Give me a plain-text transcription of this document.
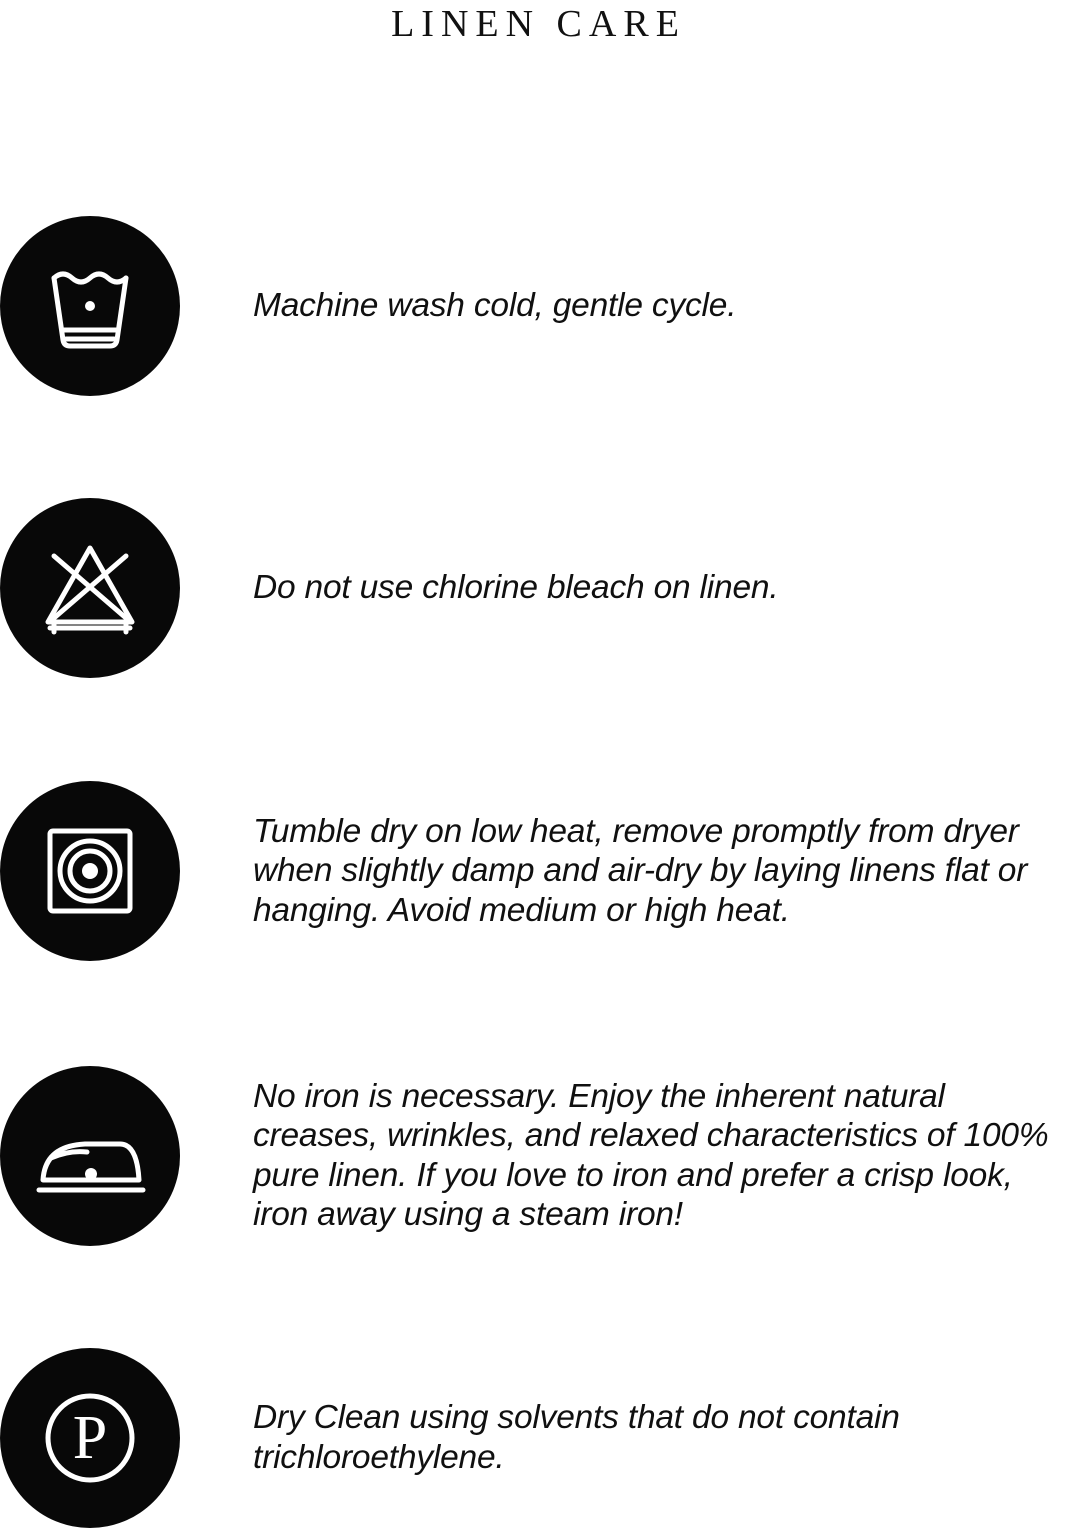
LINEN CARE
Machine wash cold, gentle cycle.
Do not use chlorine bleach on linen.
Tumble dry on low heat, remove promptly from dryer when slightly damp and air-dry by laying linens flat or hanging. Avoid medium or high heat.
No iron is necessary. Enjoy the inherent natural creases, wrinkles, and relaxed characteristics of 100% pure linen. If you love to iron and prefer a crisp look, iron away using a steam iron!
P	Dry Clean using solvents that do not contain trichloroethylene.
